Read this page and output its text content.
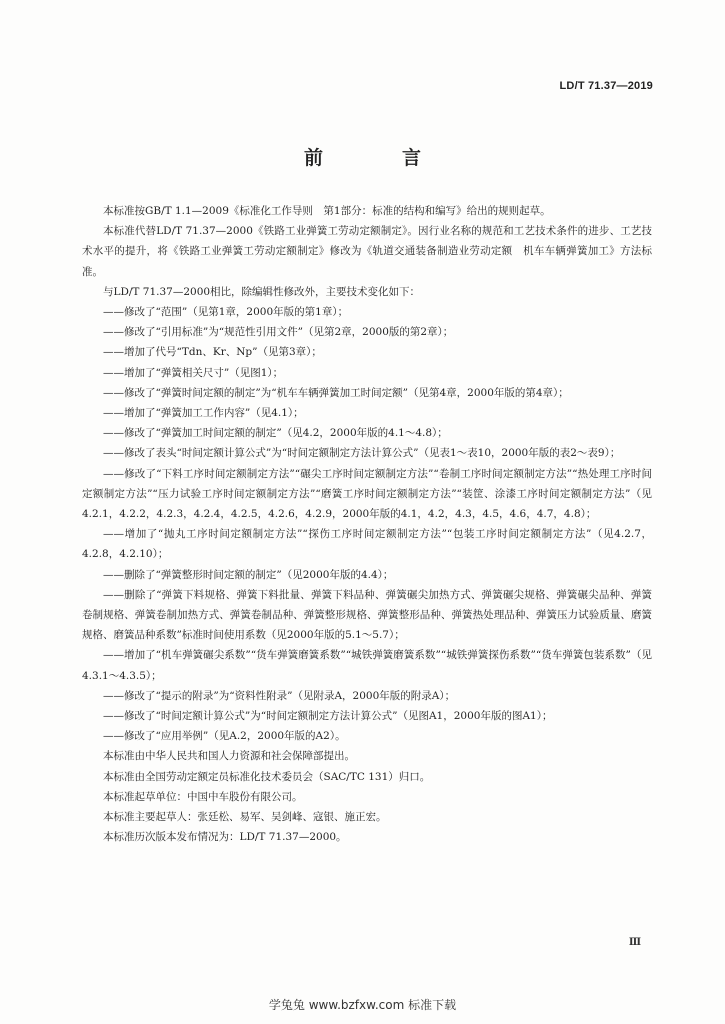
LD/T 71.37—2019
前　言

本标准按GB/T 1.1—2009《标准化工作导则　第1部分：标准的结构和编写》给出的规则起草。

本标准代替LD/T 71.37—2000《铁路工业弹簧工劳动定额制定》。因行业名称的规范和工艺技术条件的进步、工艺技术水平的提升，将《铁路工业弹簧工劳动定额制定》修改为《轨道交通装备制造业劳动定额　机车车辆弹簧加工》方法标准。

与LD/T 71.37—2000相比，除编辑性修改外，主要技术变化如下：

——修改了“范围”（见第1章，2000年版的第1章）；

——修改了“引用标准”为“规范性引用文件”（见第2章，2000版的第2章）；

——增加了代号“Tdn、Kr、Np”（见第3章）；

——增加了“弹簧相关尺寸”（见图1）；

——修改了“弹簧时间定额的制定”为“机车车辆弹簧加工时间定额”（见第4章，2000年版的第4章）；

——增加了“弹簧加工工作内容”（见4.1）；

——修改了“弹簧加工时间定额的制定”（见4.2，2000年版的4.1～4.8）；

——修改了表头“时间定额计算公式”为“时间定额制定方法计算公式”（见表1～表10，2000年版的表2～表9）；

——修改了“下料工序时间定额制定方法”“碾尖工序时间定额制定方法”“卷制工序时间定额制定方法”“热处理工序时间定额制定方法”“压力试验工序时间定额制定方法”“磨簧工序时间定额制定方法”“装筐、涂漆工序时间定额制定方法”（见4.2.1，4.2.2，4.2.3，4.2.4，4.2.5，4.2.6，4.2.9，2000年版的4.1，4.2，4.3，4.5，4.6，4.7，4.8）；

——增加了“抛丸工序时间定额制定方法”“探伤工序时间定额制定方法”“包装工序时间定额制定方法”（见4.2.7，4.2.8，4.2.10）；

——删除了“弹簧整形时间定额的制定”（见2000年版的4.4）；

——删除了“弹簧下料规格、弹簧下料批量、弹簧下料品种、弹簧碾尖加热方式、弹簧碾尖规格、弹簧碾尖品种、弹簧卷制规格、弹簧卷制加热方式、弹簧卷制品种、弹簧整形规格、弹簧整形品种、弹簧热处理品种、弹簧压力试验质量、磨簧规格、磨簧品种系数”标准时间使用系数（见2000年版的5.1～5.7）；

——增加了“机车弹簧碾尖系数”“货车弹簧磨簧系数”“城铁弹簧磨簧系数”“城铁弹簧探伤系数”“货车弹簧包装系数”（见4.3.1～4.3.5）；

——修改了“提示的附录”为“资料性附录”（见附录A，2000年版的附录A）；

——修改了“时间定额计算公式”为“时间定额制定方法计算公式”（见图A1，2000年版的图A1）；

——修改了“应用举例”（见A.2，2000年版的A2）。

本标准由中华人民共和国人力资源和社会保障部提出。

本标准由全国劳动定额定员标准化技术委员会（SAC/TC 131）归口。

本标准起草单位：中国中车股份有限公司。

本标准主要起草人：张廷松、易军、吴剑峰、寇银、施正宏。

本标准历次版本发布情况为：LD/T 71.37—2000。

Ⅲ
学兔兔 www.bzfxw.com 标准下载
